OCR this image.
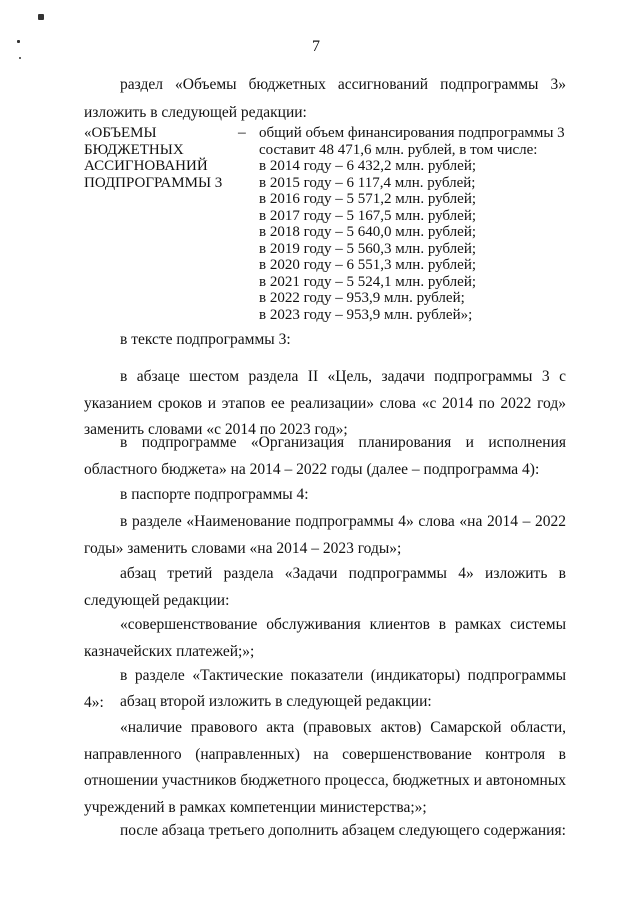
7

раздел «Объемы бюджетных ассигнований подпрограммы 3»

изложить в следующей редакции:

«ОБЪЕМЫ
БЮДЖЕТНЫХ
АССИГНОВАНИЙ
ПОДПРОГРАММЫ 3
– общий объем финансирования подпрограммы 3
составит 48 471,6 млн. рублей, в том числе:
в 2014 году – 6 432,2 млн. рублей;
в 2015 году – 6 117,4 млн. рублей;
в 2016 году – 5 571,2 млн. рублей;
в 2017 году – 5 167,5 млн. рублей;
в 2018 году – 5 640,0 млн. рублей;
в 2019 году – 5 560,3 млн. рублей;
в 2020 году – 6 551,3 млн. рублей;
в 2021 году – 5 524,1 млн. рублей;
в 2022 году – 953,9 млн. рублей;
в 2023 году – 953,9 млн. рублей»;

в тексте подпрограммы 3:

в абзаце шестом раздела II «Цель, задачи подпрограммы 3 с указанием сроков и этапов ее реализации» слова «с 2014 по 2022 год» заменить словами «с 2014 по 2023 год»;

в подпрограмме «Организация планирования и исполнения областного бюджета» на 2014 – 2022 годы (далее – подпрограмма 4):

в паспорте подпрограммы 4:

в разделе «Наименование подпрограммы 4» слова «на 2014 – 2022 годы» заменить словами «на 2014 – 2023 годы»;

абзац третий раздела «Задачи подпрограммы 4» изложить в следующей редакции:

«совершенствование обслуживания клиентов в рамках системы казначейских платежей;»;

в разделе «Тактические показатели (индикаторы) подпрограммы 4»:	абзац второй изложить в следующей редакции:

«наличие правового акта (правовых актов) Самарской области, направленного (направленных) на совершенствование контроля в отношении участников бюджетного процесса, бюджетных и автономных учреждений в рамках компетенции министерства;»;

после абзаца третьего дополнить абзацем следующего содержания:
